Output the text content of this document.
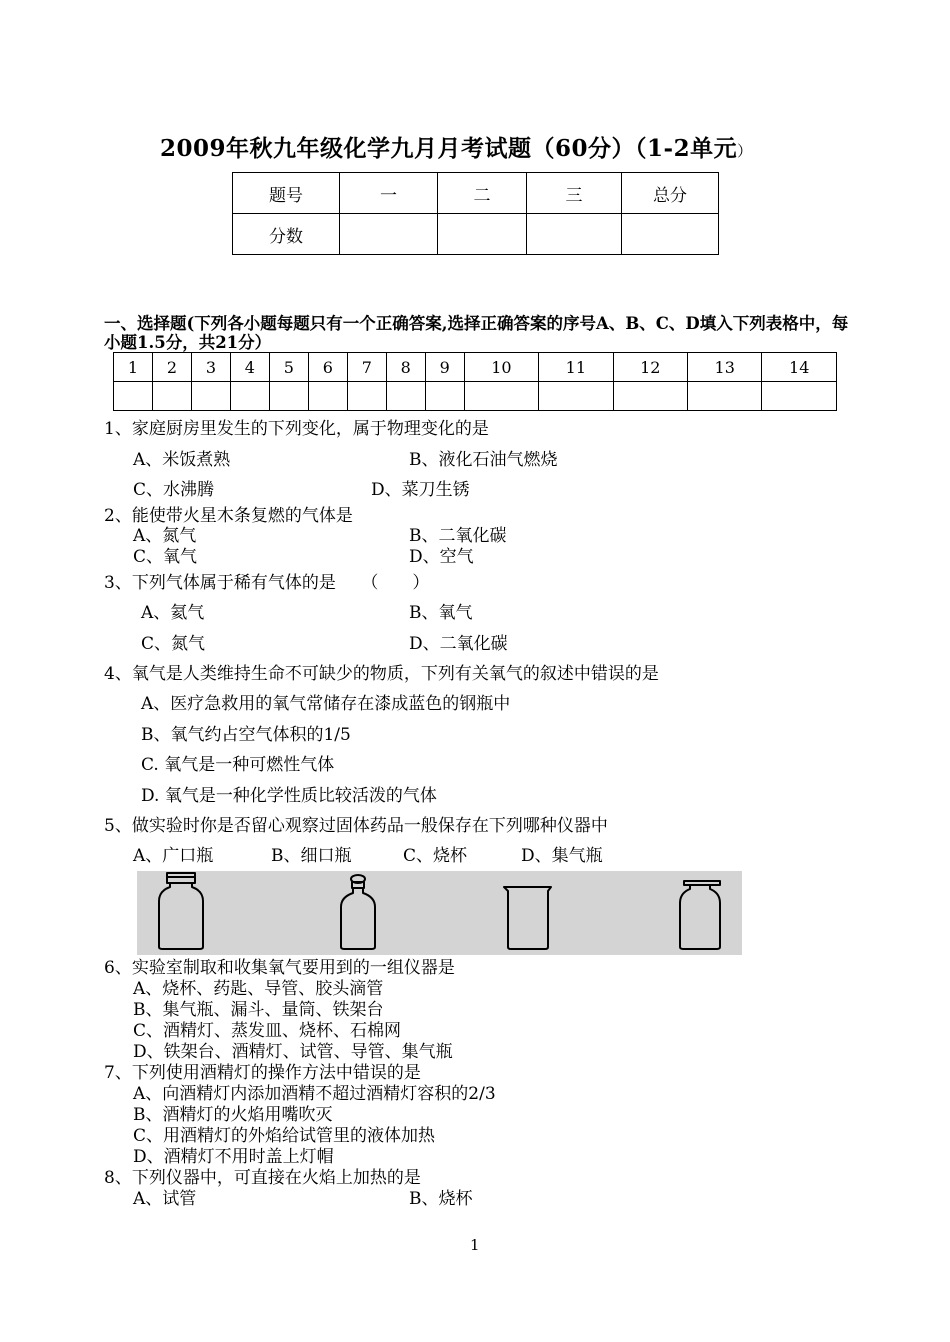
2009年秋九年级化学九月月考试题（60分）（1-2单元）
题号	一	二	三	总分
分数				
一、选择题(下列各小题每题只有一个正确答案,选择正确答案的序号A、B、C、D填入下列表格中，每小题1.5分，共21分）
1	2	3	4	5	6	7	8	9	10	11	12	13	14

1、家庭厨房里发生的下列变化，属于物理变化的是
A、米饭煮熟	B、液化石油气燃烧
C、水沸腾	D、菜刀生锈
2、能使带火星木条复燃的气体是
A、氮气	B、二氧化碳
C、氧气	D、空气
3、下列气体属于稀有气体的是　　（　　）
A、氦气	B、氧气
C、氮气	D、二氧化碳
4、氧气是人类维持生命不可缺少的物质，下列有关氧气的叙述中错误的是
A、医疗急救用的氧气常储存在漆成蓝色的钢瓶中
B、氧气约占空气体积的1/5
C. 氧气是一种可燃性气体
D. 氧气是一种化学性质比较活泼的气体
5、做实验时你是否留心观察过固体药品一般保存在下列哪种仪器中
A、广口瓶	B、细口瓶	C、烧杯	D、集气瓶
6、实验室制取和收集氧气要用到的一组仪器是
A、烧杯、药匙、导管、胶头滴管
B、集气瓶、漏斗、量筒、铁架台
C、酒精灯、蒸发皿、烧杯、石棉网
D、铁架台、酒精灯、试管、导管、集气瓶
7、下列使用酒精灯的操作方法中错误的是
A、向酒精灯内添加酒精不超过酒精灯容积的2/3
B、酒精灯的火焰用嘴吹灭
C、用酒精灯的外焰给试管里的液体加热
D、酒精灯不用时盖上灯帽
8、下列仪器中，可直接在火焰上加热的是
A、试管	B、烧杯
1
